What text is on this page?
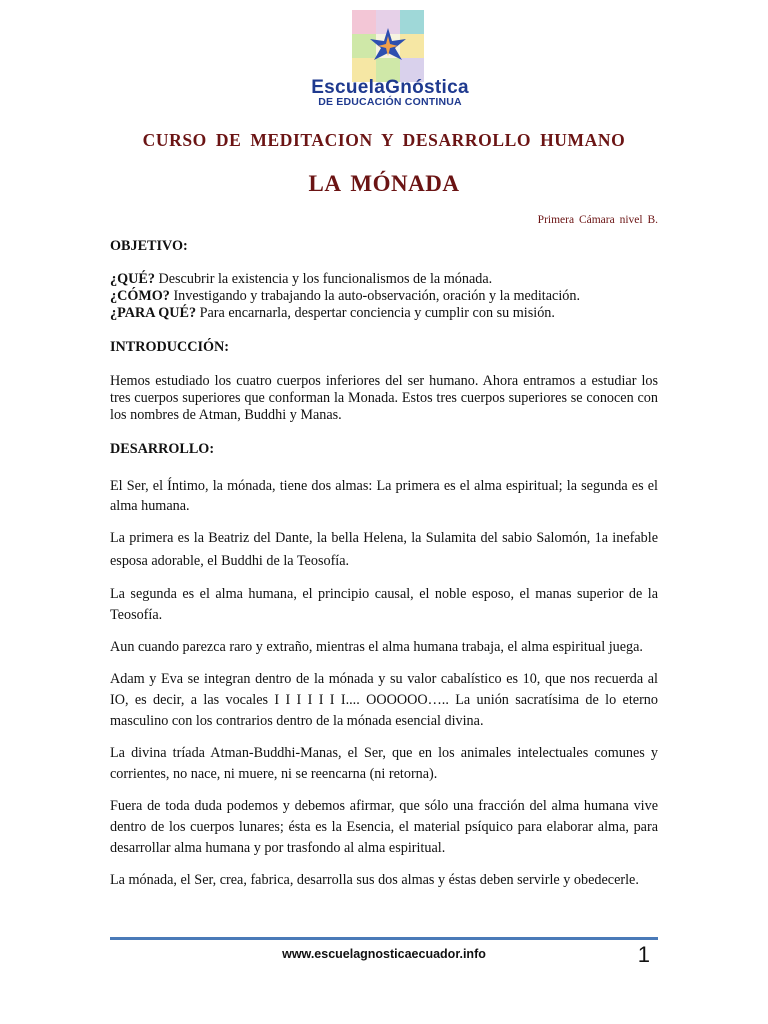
EscuelaGnóstica
DE EDUCACIÓN CONTINUA
CURSO DE MEDITACION Y DESARROLLO HUMANO
LA MÓNADA
Primera Cámara nivel B.

OBJETIVO:

¿QUÉ? Descubrir la existencia y los funcionalismos de la mónada.
¿CÓMO? Investigando y trabajando la auto-observación, oración y la meditación.
¿PARA QUÉ? Para encarnarla, despertar conciencia y cumplir con su misión.

INTRODUCCIÓN:

Hemos estudiado los cuatro cuerpos inferiores del ser humano. Ahora entramos a estudiar los tres cuerpos superiores que conforman la Monada. Estos tres cuerpos superiores se conocen con los nombres de Atman, Buddhi y Manas.

DESARROLLO:

El Ser, el Íntimo, la mónada, tiene dos almas: La primera es el alma espiritual; la segunda es el alma humana.

La primera es la Beatriz del Dante, la bella Helena, la Sulamita del sabio Salomón, 1a inefable esposa adorable, el Buddhi de la Teosofía.

La segunda es el alma humana, el principio causal, el noble esposo, el manas superior de la Teosofía.

Aun cuando parezca raro y extraño, mientras el alma humana trabaja, el alma espiritual juega.

Adam y Eva se integran dentro de la mónada y su valor cabalístico es 10, que nos recuerda al IO, es decir, a las vocales I I I I I I I.... OOOOOO….. La unión sacratísima de lo eterno masculino con los contrarios dentro de la mónada esencial divina.

La divina tríada Atman-Buddhi-Manas, el Ser, que en los animales intelectuales comunes y corrientes, no nace, ni muere, ni se reencarna (ni retorna).

Fuera de toda duda podemos y debemos afirmar, que sólo una fracción del alma humana vive dentro de los cuerpos lunares; ésta es la Esencia, el material psíquico para elaborar alma, para desarrollar alma humana y por trasfondo al alma espiritual.

La mónada, el Ser, crea, fabrica, desarrolla sus dos almas y éstas deben servirle y obedecerle.

www.escuelagnosticaecuador.info	1
